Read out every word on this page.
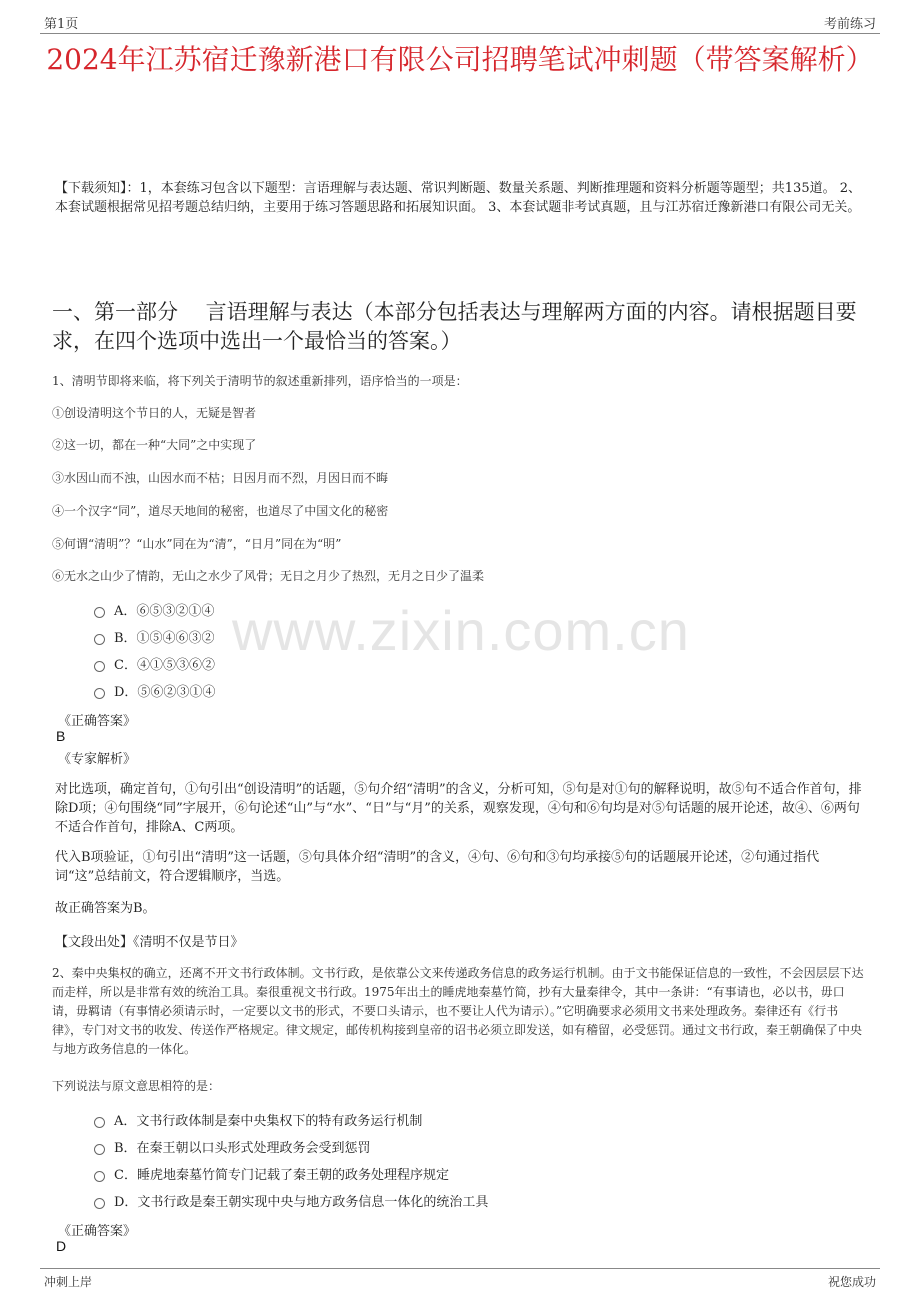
第1页	考前练习
2024年江苏宿迁豫新港口有限公司招聘笔试冲刺题（带答案解析）
【下载须知】：1，本套练习包含以下题型：言语理解与表达题、常识判断题、数量关系题、判断推理题和资料分析题等题型；共135道。 2、本套试题根据常见招考题总结归纳，主要用于练习答题思路和拓展知识面。 3、本套试题非考试真题，且与江苏宿迁豫新港口有限公司无关。
一、第一部分　 言语理解与表达（本部分包括表达与理解两方面的内容。请根据题目要求，在四个选项中选出一个最恰当的答案。）
www.zixin.com.cn
1、清明节即将来临，将下列关于清明节的叙述重新排列，语序恰当的一项是：
①创设清明这个节日的人，无疑是智者
②这一切，都在一种“大同”之中实现了
③水因山而不浊，山因水而不枯；日因月而不烈，月因日而不晦
④一个汉字“同”，道尽天地间的秘密，也道尽了中国文化的秘密
⑤何谓“清明”？“山水”同在为“清”，“日月”同在为“明”
⑥无水之山少了情韵，无山之水少了风骨；无日之月少了热烈，无月之日少了温柔
A．⑥⑤③②①④
B．①⑤④⑥③②
C．④①⑤③⑥②
D．⑤⑥②③①④
《正确答案》
B
《专家解析》
对比选项，确定首句，①句引出“创设清明”的话题，⑤句介绍“清明”的含义，分析可知，⑤句是对①句的解释说明，故⑤句不适合作首句，排除D项；④句围绕“同”字展开，⑥句论述“山”与“水”、“日”与“月”的关系，观察发现，④句和⑥句均是对⑤句话题的展开论述，故④、⑥两句不适合作首句，排除A、C两项。
代入B项验证，①句引出“清明”这一话题，⑤句具体介绍“清明”的含义，④句、⑥句和③句均承接⑤句的话题展开论述，②句通过指代词“这”总结前文，符合逻辑顺序，当选。
故正确答案为B。
【文段出处】《清明不仅是节日》
2、秦中央集权的确立，还离不开文书行政体制。文书行政，是依靠公文来传递政务信息的政务运行机制。由于文书能保证信息的一致性，不会因层层下达而走样，所以是非常有效的统治工具。秦很重视文书行政。1975年出土的睡虎地秦墓竹简，抄有大量秦律令，其中一条讲：“有事请也，必以书，毋口请，毋羁请（有事情必须请示时，一定要以文书的形式，不要口头请示，也不要让人代为请示）。”它明确要求必须用文书来处理政务。秦律还有《行书律》，专门对文书的收发、传送作严格规定。律文规定，邮传机构接到皇帝的诏书必须立即发送，如有稽留，必受惩罚。通过文书行政，秦王朝确保了中央与地方政务信息的一体化。
下列说法与原文意思相符的是：
A．文书行政体制是秦中央集权下的特有政务运行机制
B．在秦王朝以口头形式处理政务会受到惩罚
C．睡虎地秦墓竹简专门记载了秦王朝的政务处理程序规定
D．文书行政是秦王朝实现中央与地方政务信息一体化的统治工具
《正确答案》
D
冲刺上岸	祝您成功
